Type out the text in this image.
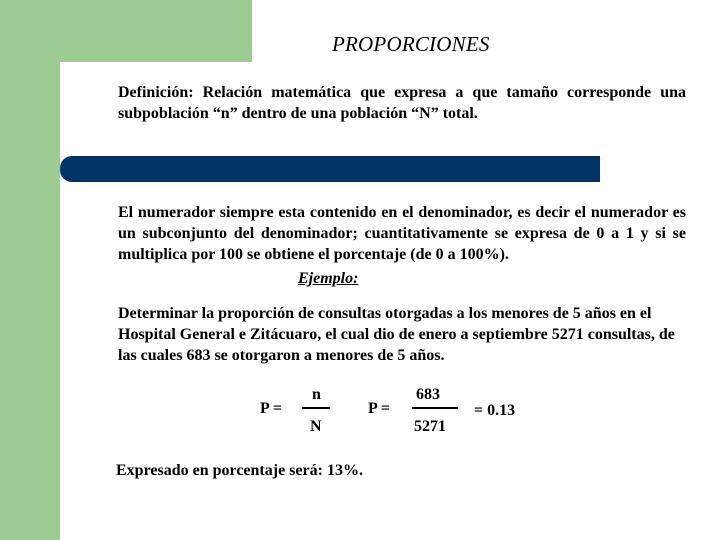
PROPORCIONES
Definición: Relación matemática que expresa a que tamaño corresponde una subpoblación “n” dentro de una población “N” total.
El numerador siempre esta contenido en el denominador, es decir el numerador es un subconjunto del denominador; cuantitativamente se expresa de 0 a 1 y si se multiplica por 100 se obtiene el porcentaje (de 0 a 100%).
Ejemplo:
Determinar la proporción de consultas otorgadas a los menores de 5 años en el Hospital General e Zitácuaro, el cual dio de enero a septiembre 5271 consultas, de las cuales 683 se otorgaron a menores de 5 años.
P =
n
N
P =
683
5271
= 0.13
Expresado en porcentaje será: 13%.
